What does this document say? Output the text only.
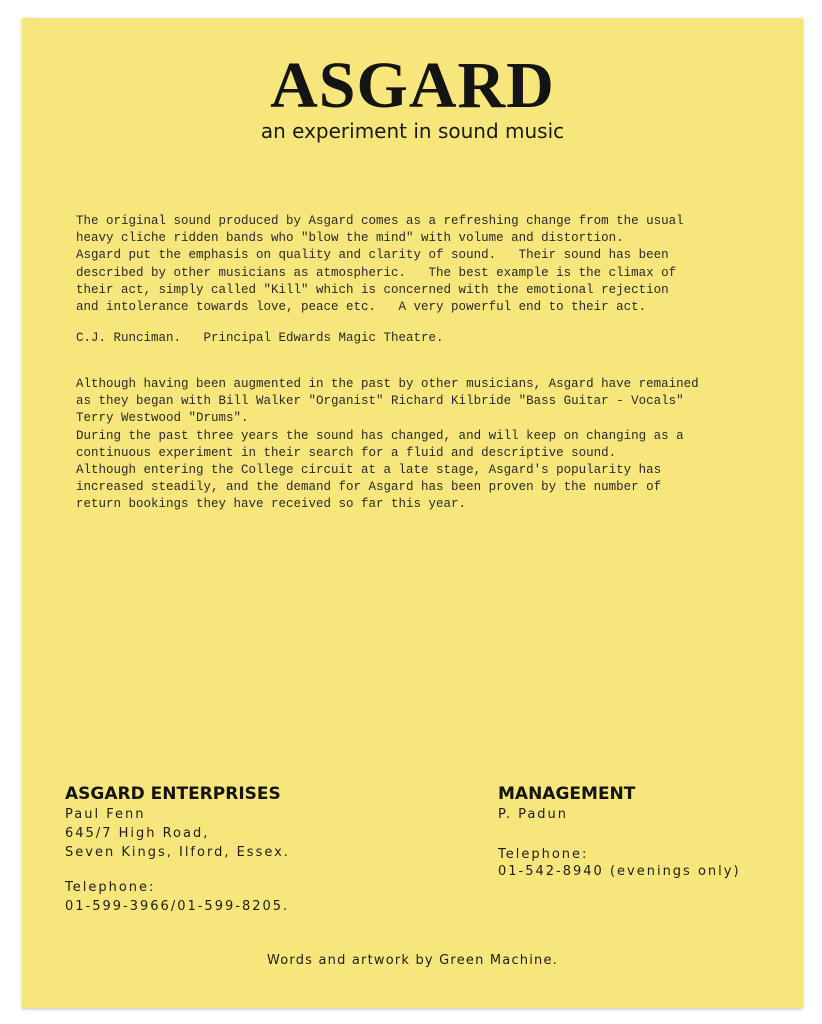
ASGARD
an experiment in sound music
The original sound produced by Asgard comes as a refreshing change from the usual
heavy cliche ridden bands who "blow the mind" with volume and distortion.
Asgard put the emphasis on quality and clarity of sound.   Their sound has been
described by other musicians as atmospheric.   The best example is the climax of
their act, simply called "Kill" which is concerned with the emotional rejection
and intolerance towards love, peace etc.   A very powerful end to their act.
C.J. Runciman.   Principal Edwards Magic Theatre.
Although having been augmented in the past by other musicians, Asgard have remained
as they began with Bill Walker "Organist" Richard Kilbride "Bass Guitar - Vocals"
Terry Westwood "Drums".
During the past three years the sound has changed, and will keep on changing as a
continuous experiment in their search for a fluid and descriptive sound.
Although entering the College circuit at a late stage, Asgard's popularity has
increased steadily, and the demand for Asgard has been proven by the number of
return bookings they have received so far this year.
ASGARD ENTERPRISES
Paul Fenn
645/7 High Road,
Seven Kings, Ilford, Essex.
Telephone:
01-599-3966/01-599-8205.
MANAGEMENT
P. Padun
Telephone:
01-542-8940 (evenings only)
Words and artwork by Green Machine.
